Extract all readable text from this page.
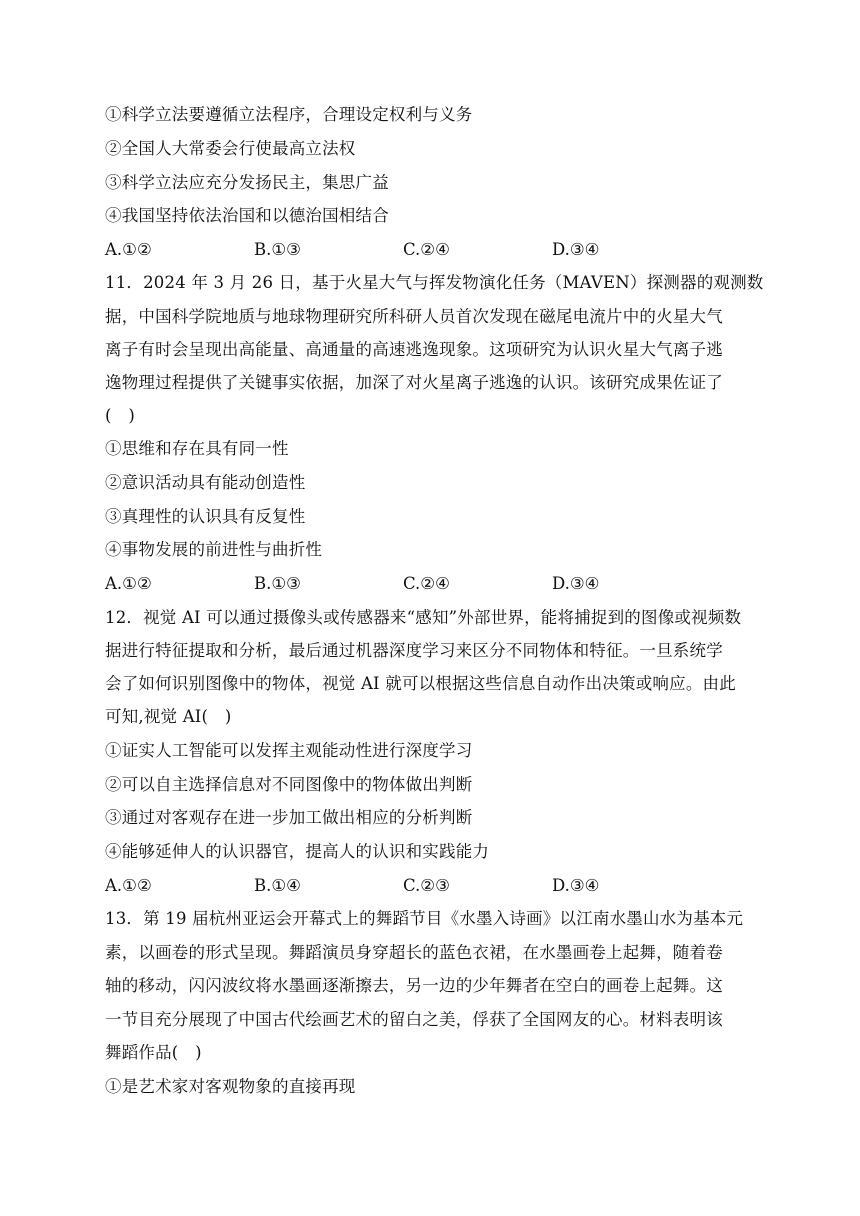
①科学立法要遵循立法程序，合理设定权利与义务
②全国人大常委会行使最高立法权
③科学立法应充分发扬民主，集思广益
④我国坚持依法治国和以德治国相结合
A.①②	B.①③	C.②④	D.③④
11．2024 年 3 月 26 日，基于火星大气与挥发物演化任务（MAVEN）探测器的观测数
据，中国科学院地质与地球物理研究所科研人员首次发现在磁尾电流片中的火星大气
离子有时会呈现出高能量、高通量的高速逃逸现象。这项研究为认识火星大气离子逃
逸物理过程提供了关键事实依据，加深了对火星离子逃逸的认识。该研究成果佐证了
(　)
①思维和存在具有同一性
②意识活动具有能动创造性
③真理性的认识具有反复性
④事物发展的前进性与曲折性
A.①②	B.①③	C.②④	D.③④
12．视觉 AI 可以通过摄像头或传感器来“感知”外部世界，能将捕捉到的图像或视频数
据进行特征提取和分析，最后通过机器深度学习来区分不同物体和特征。一旦系统学
会了如何识别图像中的物体，视觉 AI 就可以根据这些信息自动作出决策或响应。由此
可知,视觉 AI(　)
①证实人工智能可以发挥主观能动性进行深度学习
②可以自主选择信息对不同图像中的物体做出判断
③通过对客观存在进一步加工做出相应的分析判断
④能够延伸人的认识器官，提高人的认识和实践能力
A.①②	B.①④	C.②③	D.③④
13．第 19 届杭州亚运会开幕式上的舞蹈节目《水墨入诗画》以江南水墨山水为基本元
素，以画卷的形式呈现。舞蹈演员身穿超长的蓝色衣裙，在水墨画卷上起舞，随着卷
轴的移动，闪闪波纹将水墨画逐渐擦去，另一边的少年舞者在空白的画卷上起舞。这
一节目充分展现了中国古代绘画艺术的留白之美，俘获了全国网友的心。材料表明该
舞蹈作品(　)
①是艺术家对客观物象的直接再现
